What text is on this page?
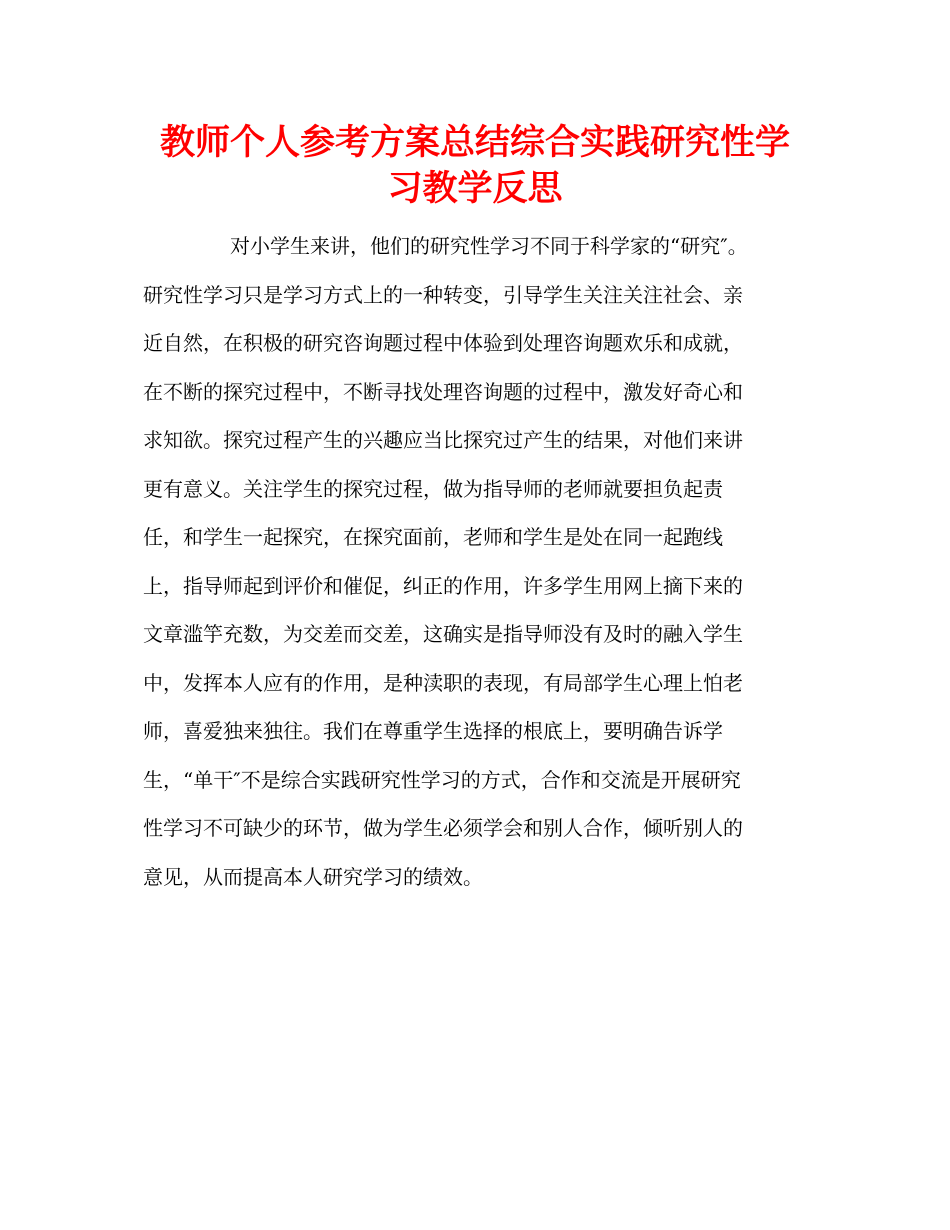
教师个人参考方案总结综合实践研究性学
习教学反思
对小学生来讲，他们的研究性学习不同于科学家的“研究″。
研究性学习只是学习方式上的一种转变，引导学生关注关注社会、亲
近自然，在积极的研究咨询题过程中体验到处理咨询题欢乐和成就，
在不断的探究过程中，不断寻找处理咨询题的过程中，激发好奇心和
求知欲。探究过程产生的兴趣应当比探究过产生的结果，对他们来讲
更有意义。关注学生的探究过程，做为指导师的老师就要担负起责
任，和学生一起探究，在探究面前，老师和学生是处在同一起跑线
上，指导师起到评价和催促，纠正的作用，许多学生用网上摘下来的
文章滥竽充数，为交差而交差，这确实是指导师没有及时的融入学生
中，发挥本人应有的作用，是种渎职的表现，有局部学生心理上怕老
师，喜爱独来独往。我们在尊重学生选择的根底上，要明确告诉学
生，“单干″不是综合实践研究性学习的方式，合作和交流是开展研究
性学习不可缺少的环节，做为学生必须学会和别人合作，倾听别人的
意见，从而提高本人研究学习的绩效。
